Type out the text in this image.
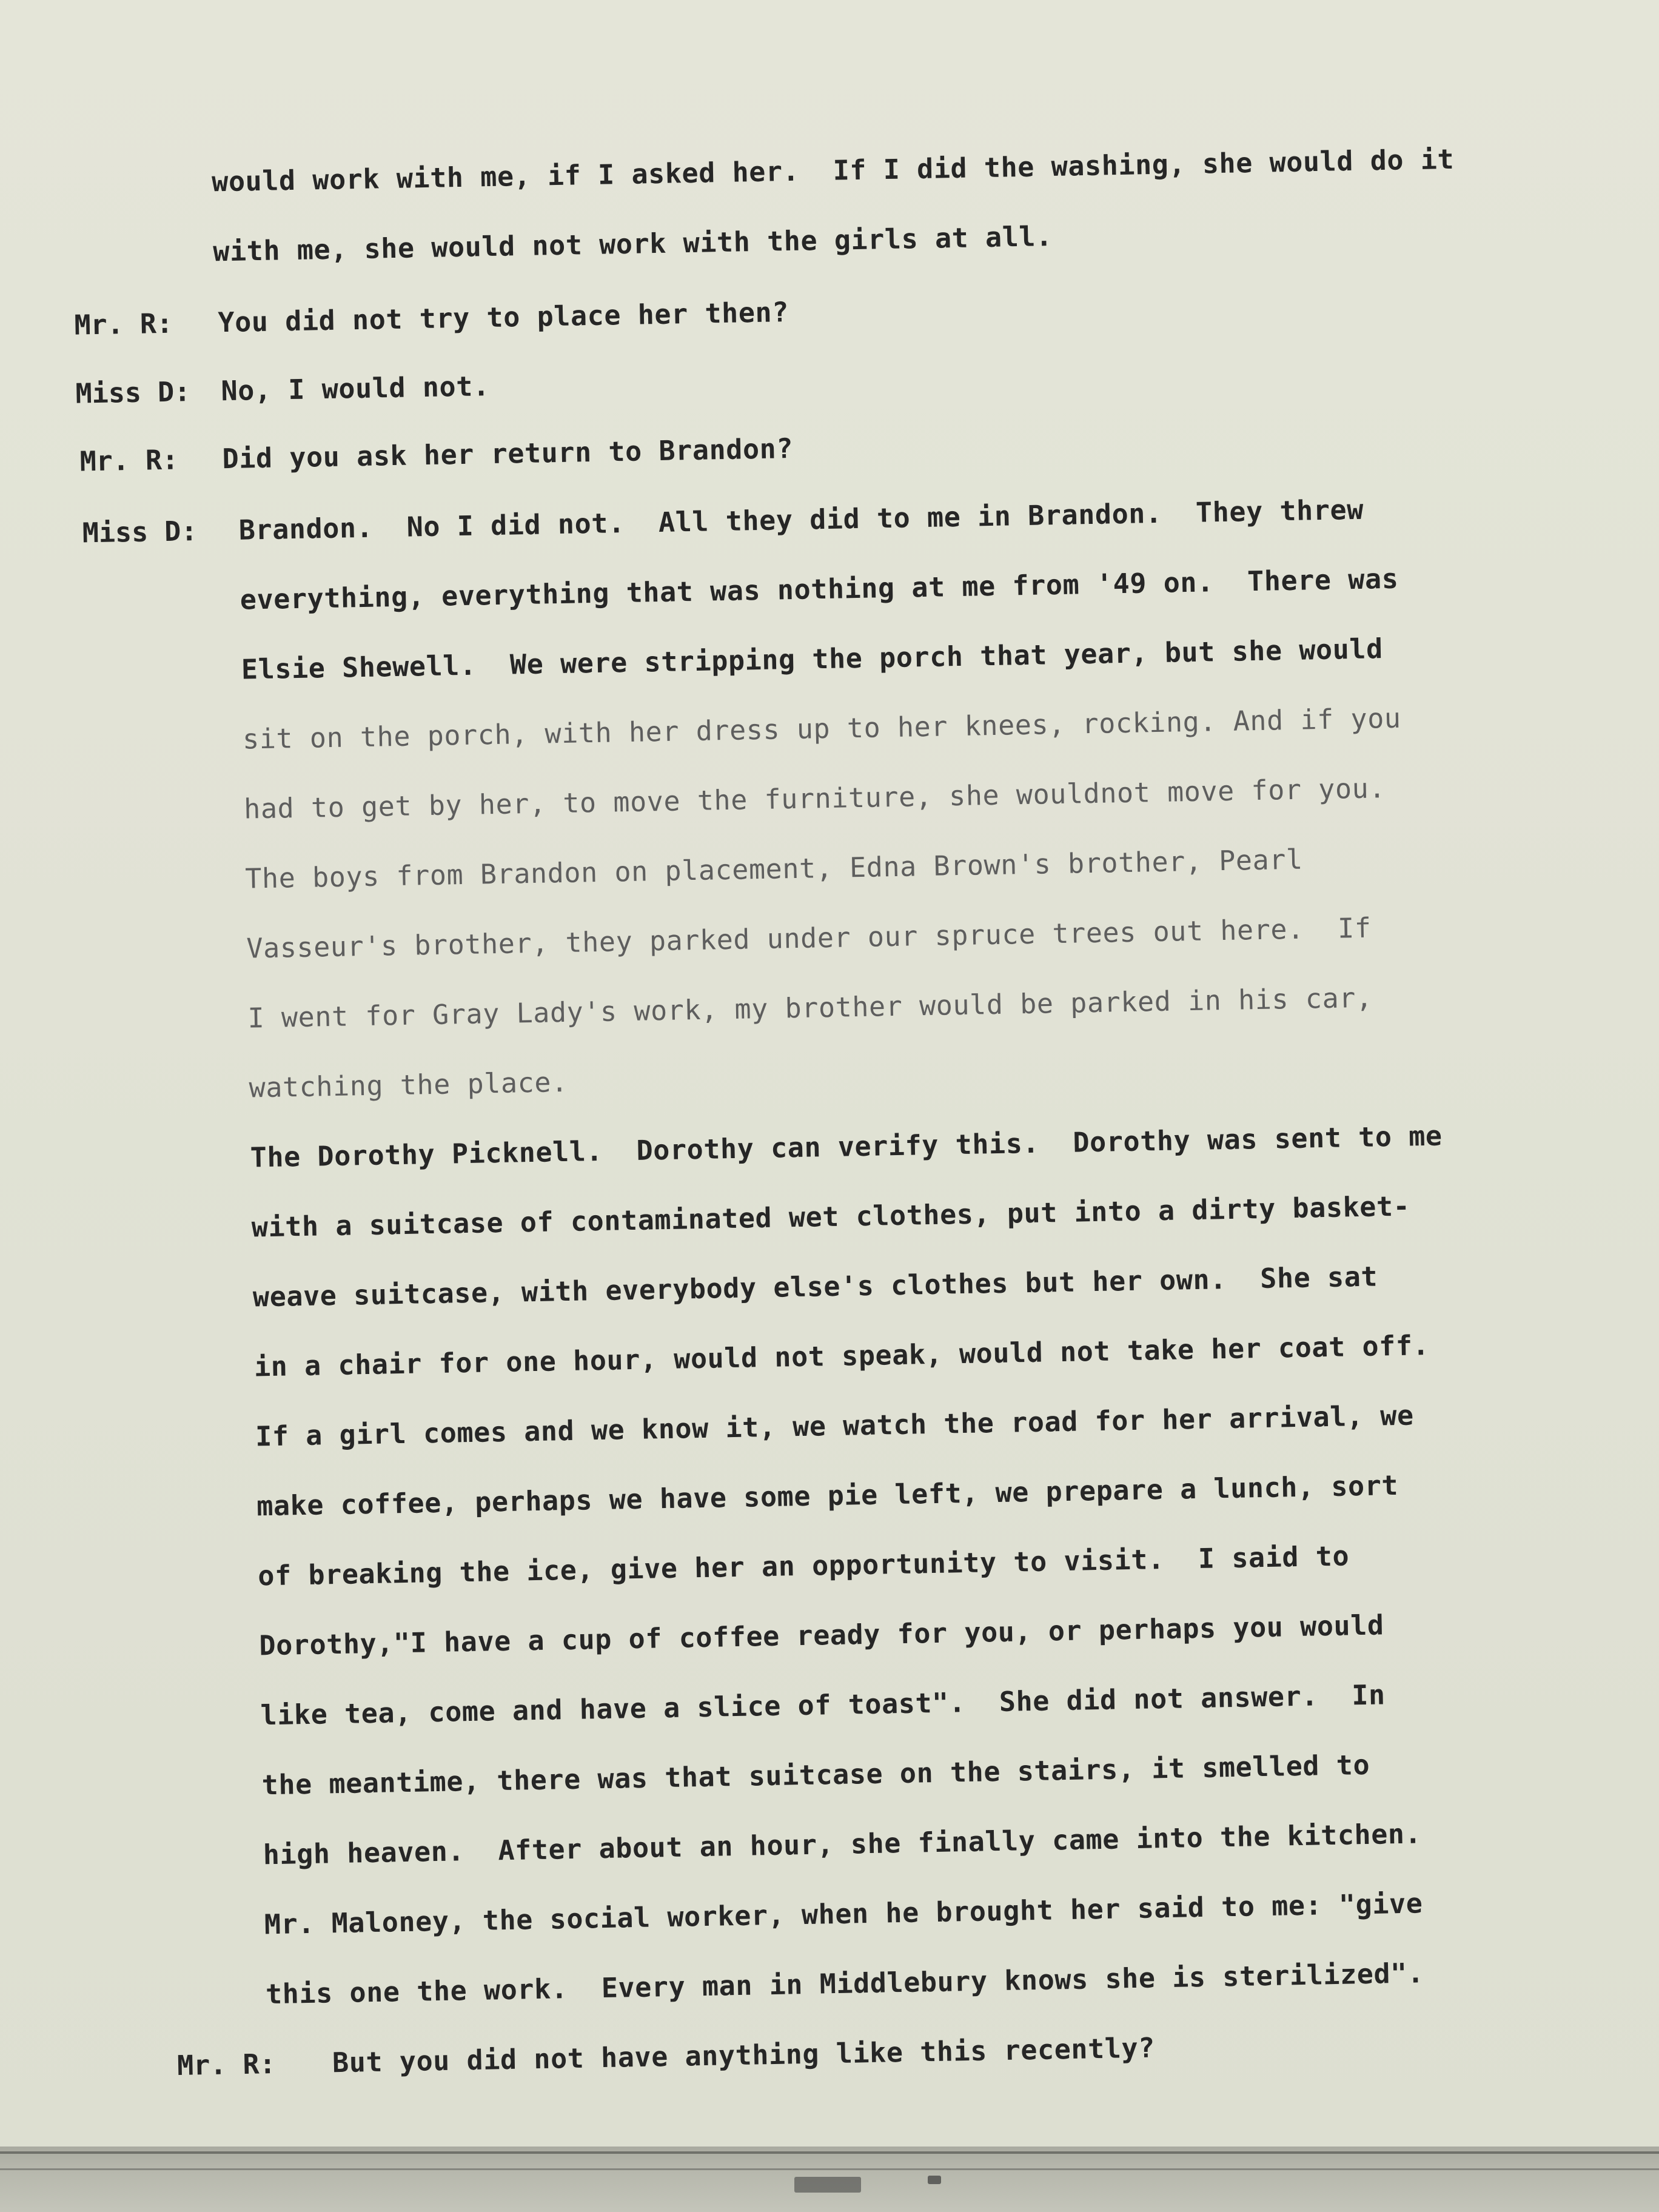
would work with me, if I asked her.  If I did the washing, she would do it
with me, she would not work with the girls at all.
Mr. R: You did not try to place her then?
Miss D: No, I would not.
Mr. R: Did you ask her return to Brandon?
Miss D: Brandon.  No I did not.  All they did to me in Brandon.  They threw
everything, everything that was nothing at me from '49 on.  There was
Elsie Shewell.  We were stripping the porch that year, but she would
sit on the porch, with her dress up to her knees, rocking. And if you
had to get by her, to move the furniture, she wouldnot move for you.
The boys from Brandon on placement, Edna Brown's brother, Pearl
Vasseur's brother, they parked under our spruce trees out here.  If
I went for Gray Lady's work, my brother would be parked in his car,
watching the place.
The Dorothy Picknell.  Dorothy can verify this.  Dorothy was sent to me
with a suitcase of contaminated wet clothes, put into a dirty basket-
weave suitcase, with everybody else's clothes but her own.  She sat
in a chair for one hour, would not speak, would not take her coat off.
If a girl comes and we know it, we watch the road for her arrival, we
make coffee, perhaps we have some pie left, we prepare a lunch, sort
of breaking the ice, give her an opportunity to visit.  I said to
Dorothy,"I have a cup of coffee ready for you, or perhaps you would
like tea, come and have a slice of toast".  She did not answer.  In
the meantime, there was that suitcase on the stairs, it smelled to
high heaven.  After about an hour, she finally came into the kitchen.
Mr. Maloney, the social worker, when he brought her said to me: "give
this one the work.  Every man in Middlebury knows she is sterilized".
Mr. R: But you did not have anything like this recently?
